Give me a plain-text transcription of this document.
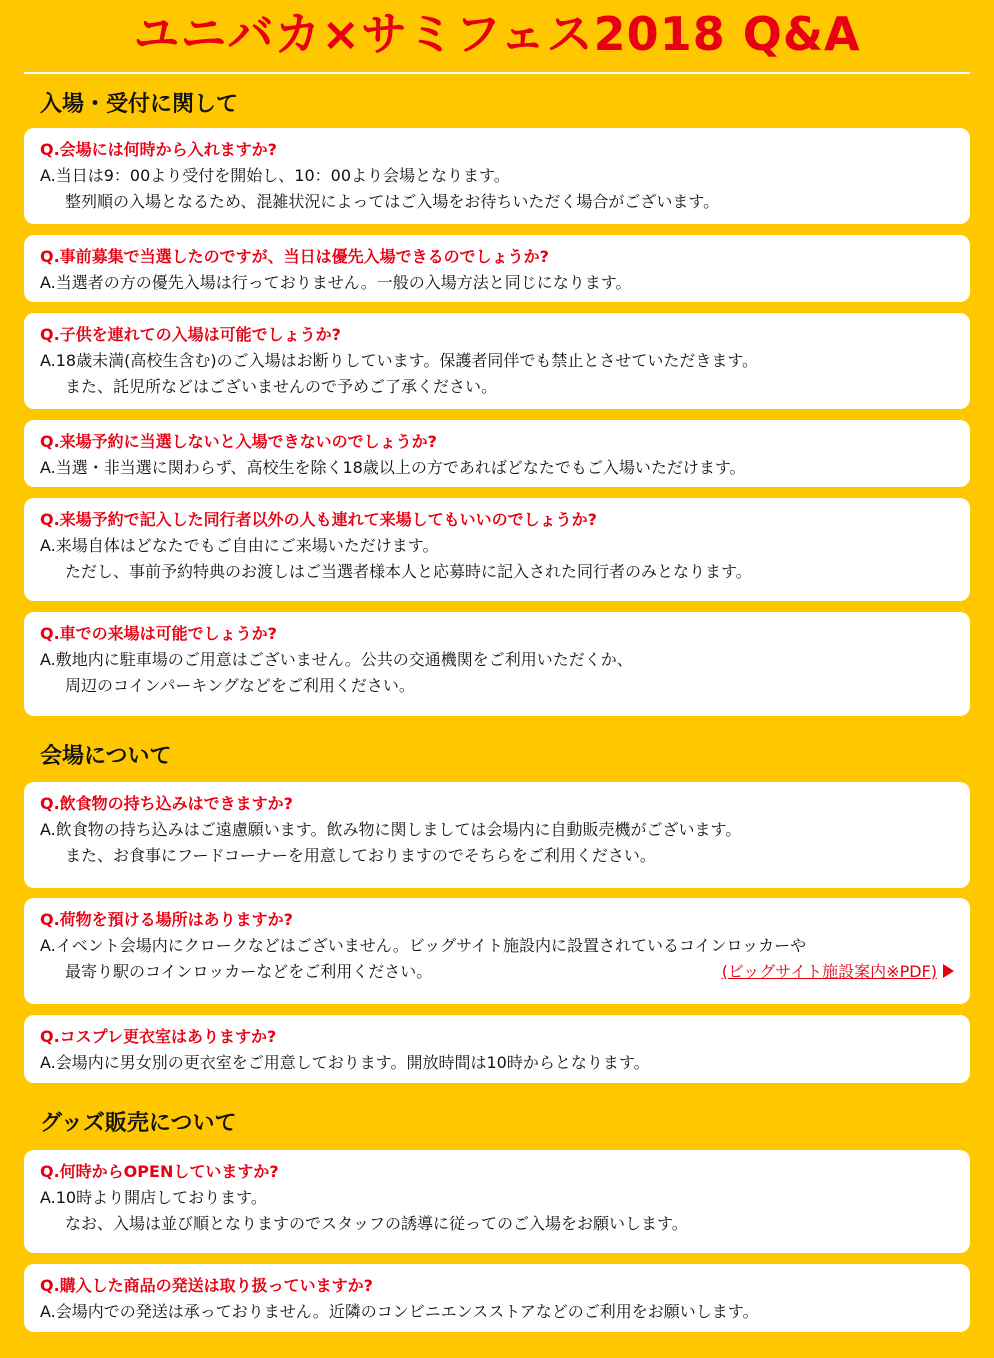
ユニバカ×サミフェス2018 Q&A
入場・受付に関して
Q.会場には何時から入れますか?
A.当日は9：00より受付を開始し、10：00より会場となります。
整列順の入場となるため、混雑状況によってはご入場をお待ちいただく場合がございます。
Q.事前募集で当選したのですが、当日は優先入場できるのでしょうか?
A.当選者の方の優先入場は行っておりません。一般の入場方法と同じになります。
Q.子供を連れての入場は可能でしょうか?
A.18歳未満(高校生含む)のご入場はお断りしています。保護者同伴でも禁止とさせていただきます。
また、託児所などはございませんので予めご了承ください。
Q.来場予約に当選しないと入場できないのでしょうか?
A.当選・非当選に関わらず、高校生を除く18歳以上の方であればどなたでもご入場いただけます。
Q.来場予約で記入した同行者以外の人も連れて来場してもいいのでしょうか?
A.来場自体はどなたでもご自由にご来場いただけます。
ただし、事前予約特典のお渡しはご当選者様本人と応募時に記入された同行者のみとなります。
Q.車での来場は可能でしょうか?
A.敷地内に駐車場のご用意はございません。公共の交通機関をご利用いただくか、
周辺のコインパーキングなどをご利用ください。
会場について
Q.飲食物の持ち込みはできますか?
A.飲食物の持ち込みはご遠慮願います。飲み物に関しましては会場内に自動販売機がございます。
また、お食事にフードコーナーを用意しておりますのでそちらをご利用ください。
Q.荷物を預ける場所はありますか?
A.イベント会場内にクロークなどはございません。ビッグサイト施設内に設置されているコインロッカーや
最寄り駅のコインロッカーなどをご利用ください。	(ビッグサイト施設案内※PDF)
Q.コスプレ更衣室はありますか?
A.会場内に男女別の更衣室をご用意しております。開放時間は10時からとなります。
グッズ販売について
Q.何時からOPENしていますか?
A.10時より開店しております。
なお、入場は並び順となりますのでスタッフの誘導に従ってのご入場をお願いします。
Q.購入した商品の発送は取り扱っていますか?
A.会場内での発送は承っておりません。近隣のコンビニエンスストアなどのご利用をお願いします。
